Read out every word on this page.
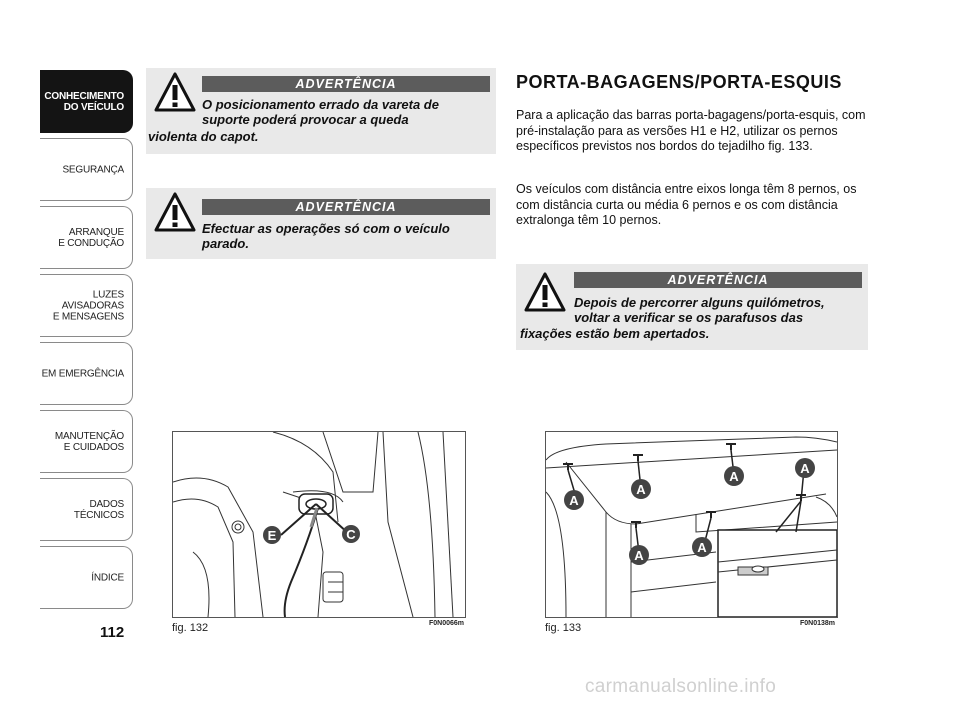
CONHECIMENTO
DO VEÍCULO
SEGURANÇA
ARRANQUE
E CONDUÇÃO
LUZES
AVISADORAS
E MENSAGENS
EM EMERGÊNCIA
MANUTENÇÃO
E CUIDADOS
DADOS
TÉCNICOS
ÍNDICE
112
ADVERTÊNCIA
O posicionamento errado da vareta de
suporte poderá provocar a queda
violenta do capot.
ADVERTÊNCIA
Efectuar as operações só com o veículo
parado.
PORTA-BAGAGENS/PORTA-ESQUIS
Para a aplicação das barras porta-bagagens/porta-esquis, com pré-instalação para as versões H1 e H2, utilizar os pernos específicos previstos nos bordos do tejadilho fig. 133.
Os veículos com distância entre eixos longa têm 8 pernos, os com distância curta ou média 6 pernos e os com distância extralonga têm 10 pernos.
ADVERTÊNCIA
Depois de percorrer alguns quilómetros,
voltar a verificar se os parafusos das
fixações estão bem apertados.
E	C
fig. 132	F0N0066m
A
A
A
A
A
A
fig. 133	F0N0138m
carmanualsonline.info
